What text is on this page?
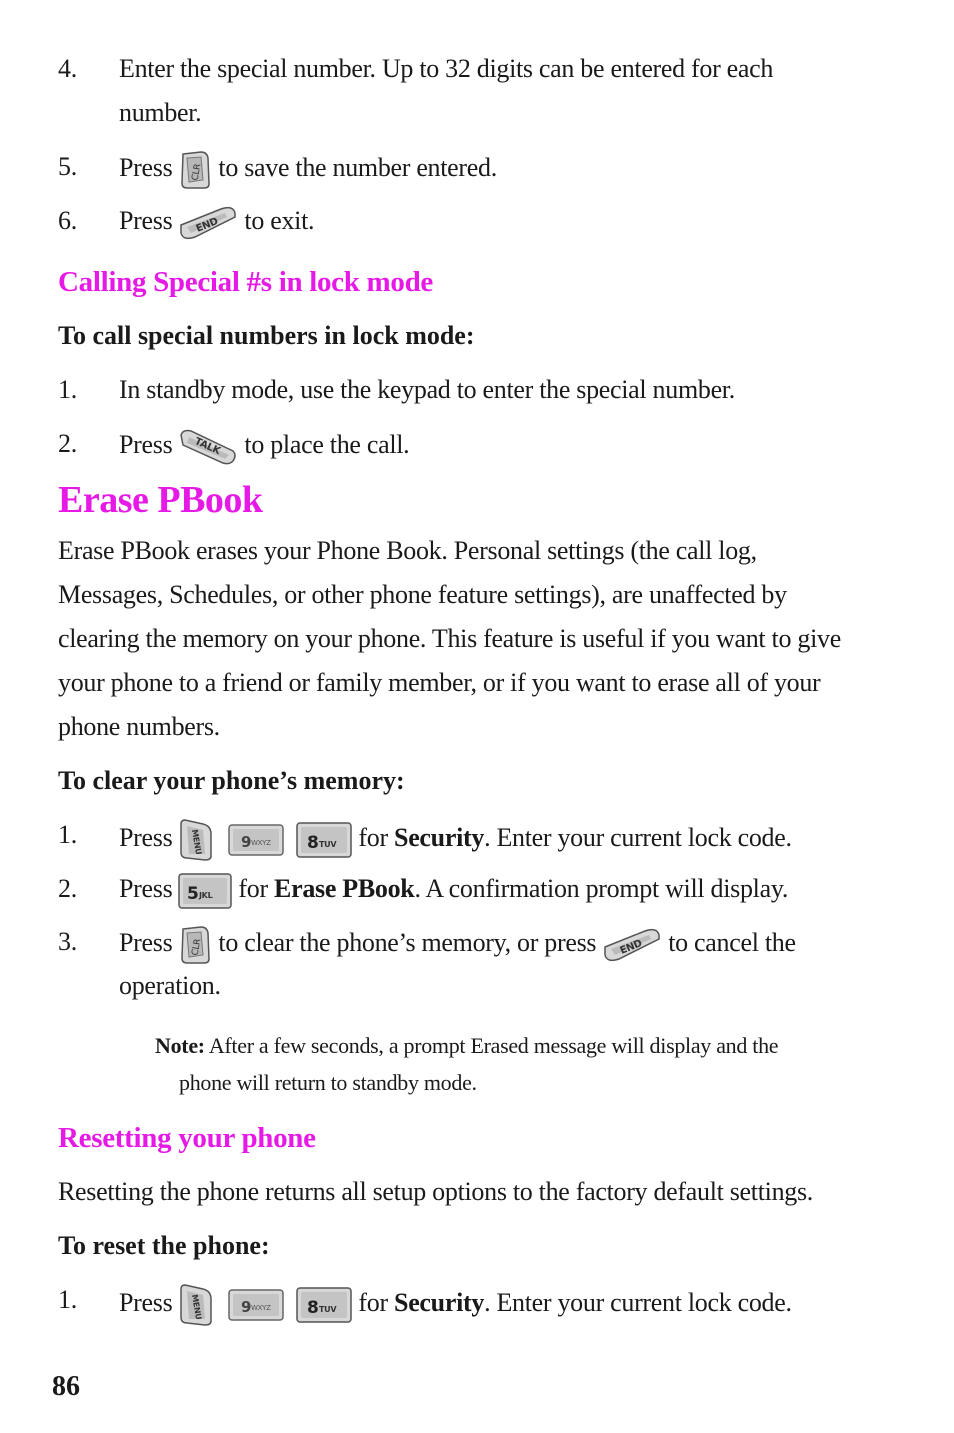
4.	Enter the special number. Up to 32 digits can be entered for each
number.
5.	Press CLR to save the number entered.
6.	Press END to exit.
Calling Special #s in lock mode
To call special numbers in lock mode:
1.	In standby mode, use the keypad to enter the special number.
2.	Press TALK to place the call.
Erase PBook
Erase PBook erases your Phone Book. Personal settings (the call log,
Messages, Schedules, or other phone feature settings), are unaffected by
clearing the memory on your phone. This feature is useful if you want to give
your phone to a friend or family member, or if you want to erase all of your
phone numbers.
To clear your phone’s memory:
1.	Press MENU	9 WXYZ 8 TUV for Security. Enter your current lock code.
2.	Press 5 JKL for Erase PBook. A confirmation prompt will display.
3.	Press CLR to clear the phone’s memory, or press END to cancel the
operation.
Note: After a few seconds, a prompt Erased message will display and the
phone will return to standby mode.
Resetting your phone
Resetting the phone returns all setup options to the factory default settings.
To reset the phone:
1.	Press MENU	9 WXYZ 8 TUV for Security. Enter your current lock code.
86
